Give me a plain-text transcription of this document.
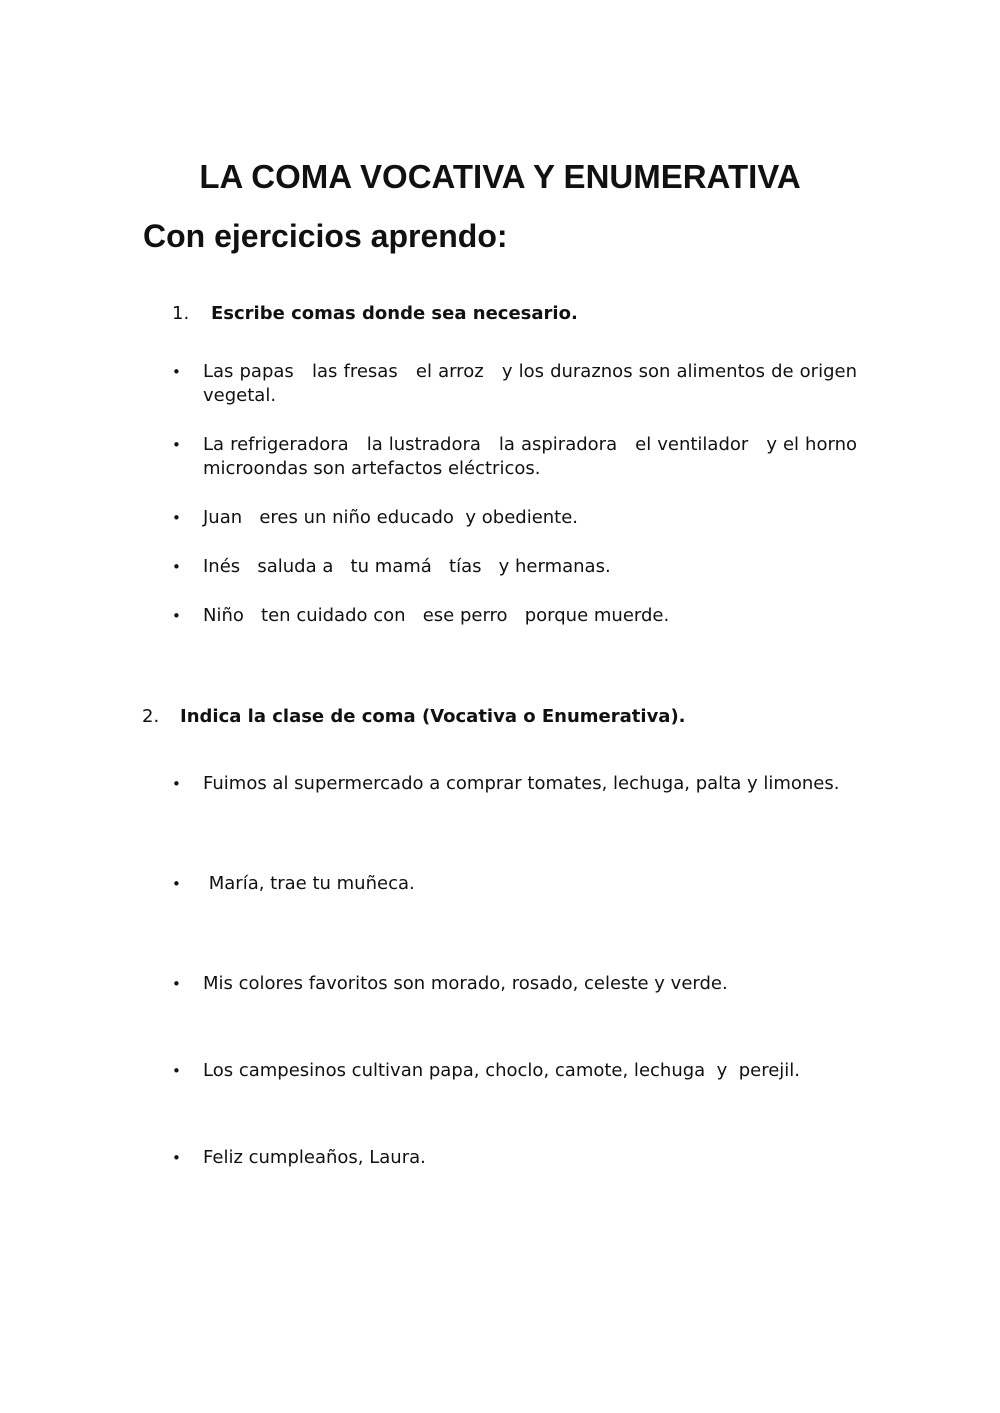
LA COMA VOCATIVA Y ENUMERATIVA
Con ejercicios aprendo:
1. Escribe comas donde sea necesario.
• Las papas   las fresas   el arroz   y los duraznos son alimentos de origen vegetal.
• La refrigeradora   la lustradora   la aspiradora   el ventilador   y el horno microondas son artefactos eléctricos.
• Juan   eres un niño educado  y obediente.
• Inés   saluda a   tu mamá   tías   y hermanas.
• Niño   ten cuidado con   ese perro   porque muerde.
2. Indica la clase de coma (Vocativa o Enumerativa).
• Fuimos al supermercado a comprar tomates, lechuga, palta y limones.
• María, trae tu muñeca.
• Mis colores favoritos son morado, rosado, celeste y verde.
• Los campesinos cultivan papa, choclo, camote, lechuga  y  perejil.
• Feliz cumpleaños, Laura.
